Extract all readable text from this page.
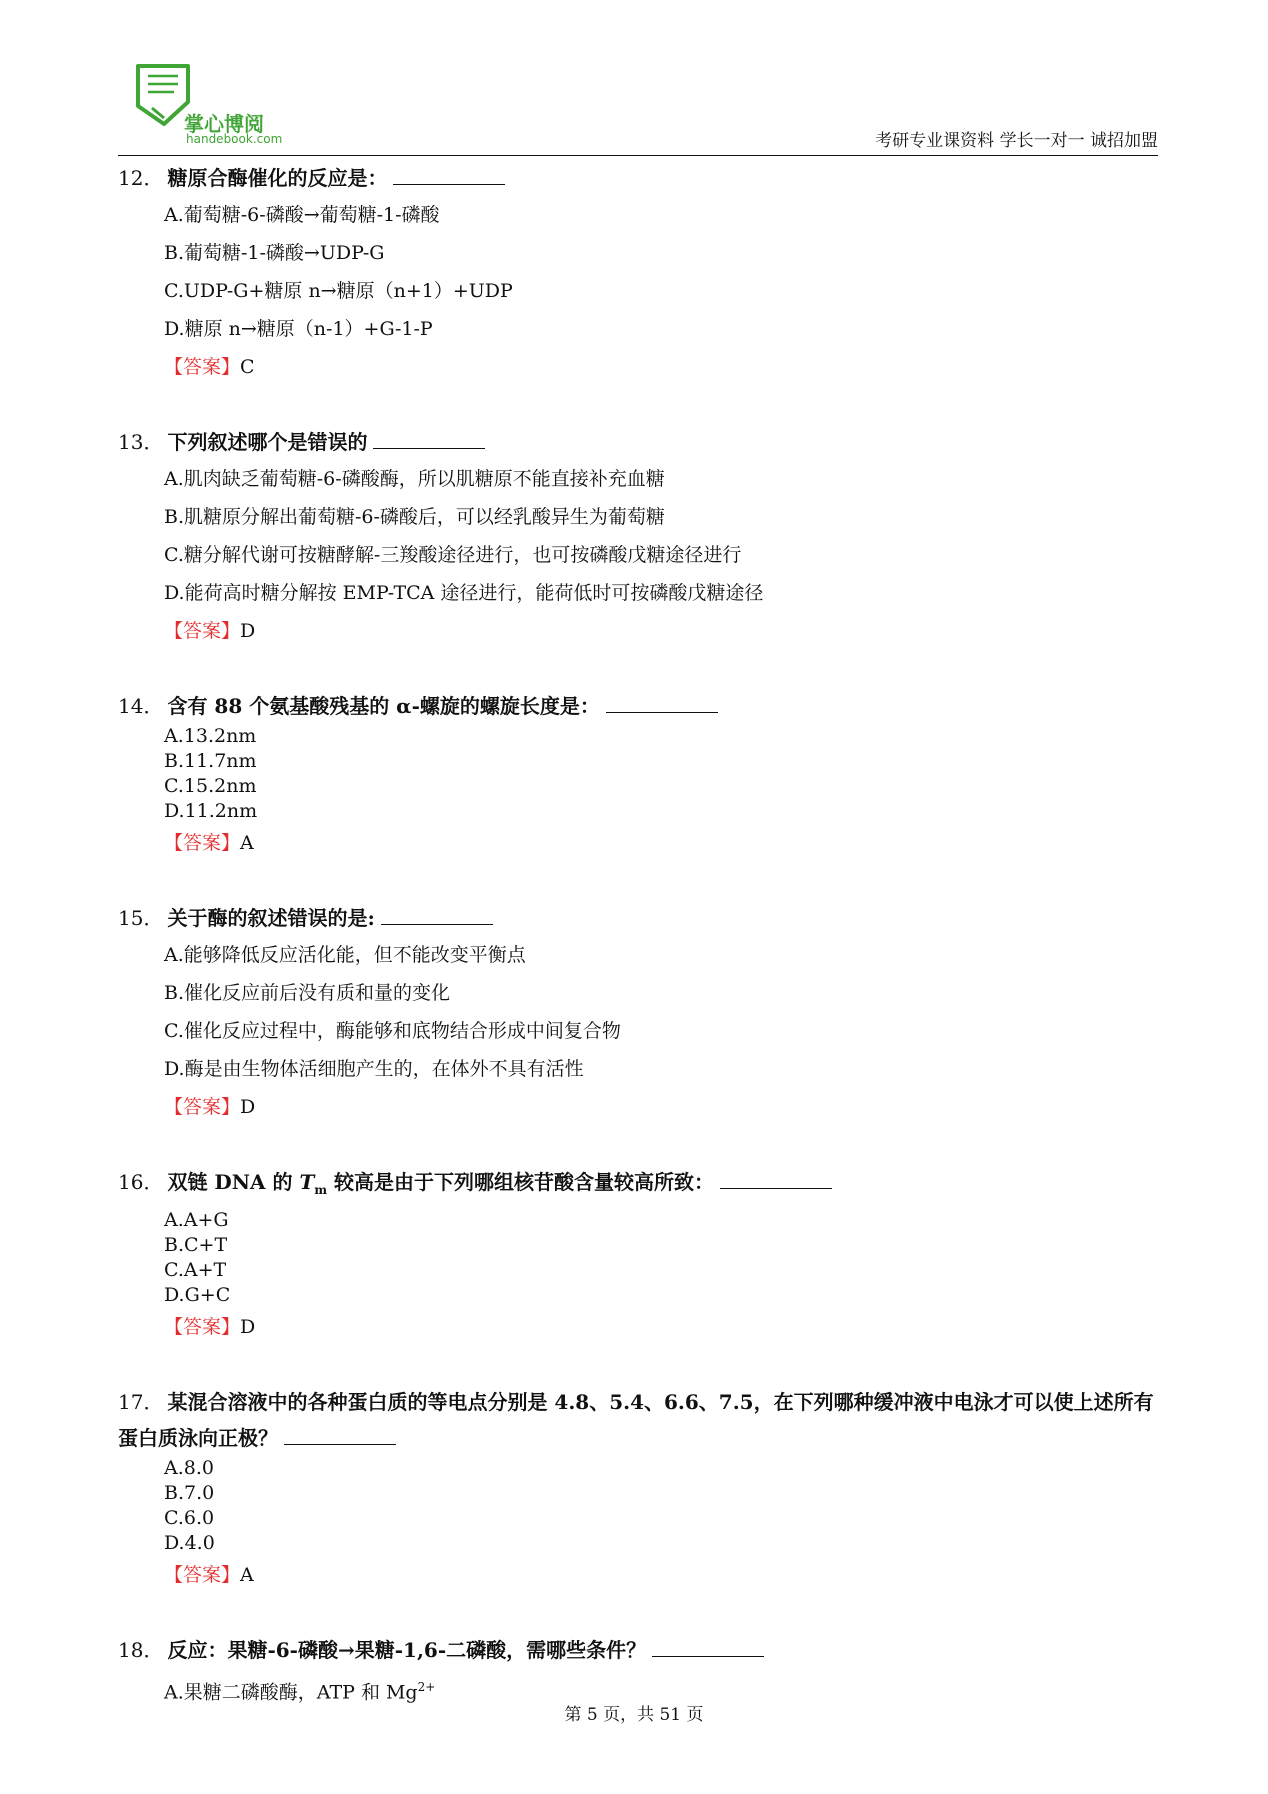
掌心博阅
handebook.com	考研专业课资料 学长一对一 诚招加盟
12． 糖原合酶催化的反应是：
A.葡萄糖-6-磷酸→葡萄糖-1-磷酸
B.葡萄糖-1-磷酸→UDP-G
C.UDP-G+糖原 n→糖原（n+1）+UDP
D.糖原 n→糖原（n-1）+G-1-P
【答案】C
13． 下列叙述哪个是错误的
A.肌肉缺乏葡萄糖-6-磷酸酶，所以肌糖原不能直接补充血糖
B.肌糖原分解出葡萄糖-6-磷酸后，可以经乳酸异生为葡萄糖
C.糖分解代谢可按糖酵解-三羧酸途径进行，也可按磷酸戊糖途径进行
D.能荷高时糖分解按 EMP-TCA 途径进行，能荷低时可按磷酸戊糖途径
【答案】D
14． 含有 88 个氨基酸残基的 α-螺旋的螺旋长度是：
A.13.2nm
B.11.7nm
C.15.2nm
D.11.2nm
【答案】A
15． 关于酶的叙述错误的是:
A.能够降低反应活化能，但不能改变平衡点
B.催化反应前后没有质和量的变化
C.催化反应过程中，酶能够和底物结合形成中间复合物
D.酶是由生物体活细胞产生的，在体外不具有活性
【答案】D
16． 双链 DNA 的 $T_m$ 较高是由于下列哪组核苷酸含量较高所致：
A.A+G
B.C+T
C.A+T
D.G+C
【答案】D
17． 某混合溶液中的各种蛋白质的等电点分别是 4.8、5.4、6.6、7.5，在下列哪种缓冲液中电泳才可以使上述所有蛋白质泳向正极？
A.8.0
B.7.0
C.6.0
D.4.0
【答案】A
18． 反应：果糖-6-磷酸→果糖-1,6-二磷酸，需哪些条件？
A.果糖二磷酸酶，ATP 和 $Mg^{2+}$
第 5 页，共 51 页
